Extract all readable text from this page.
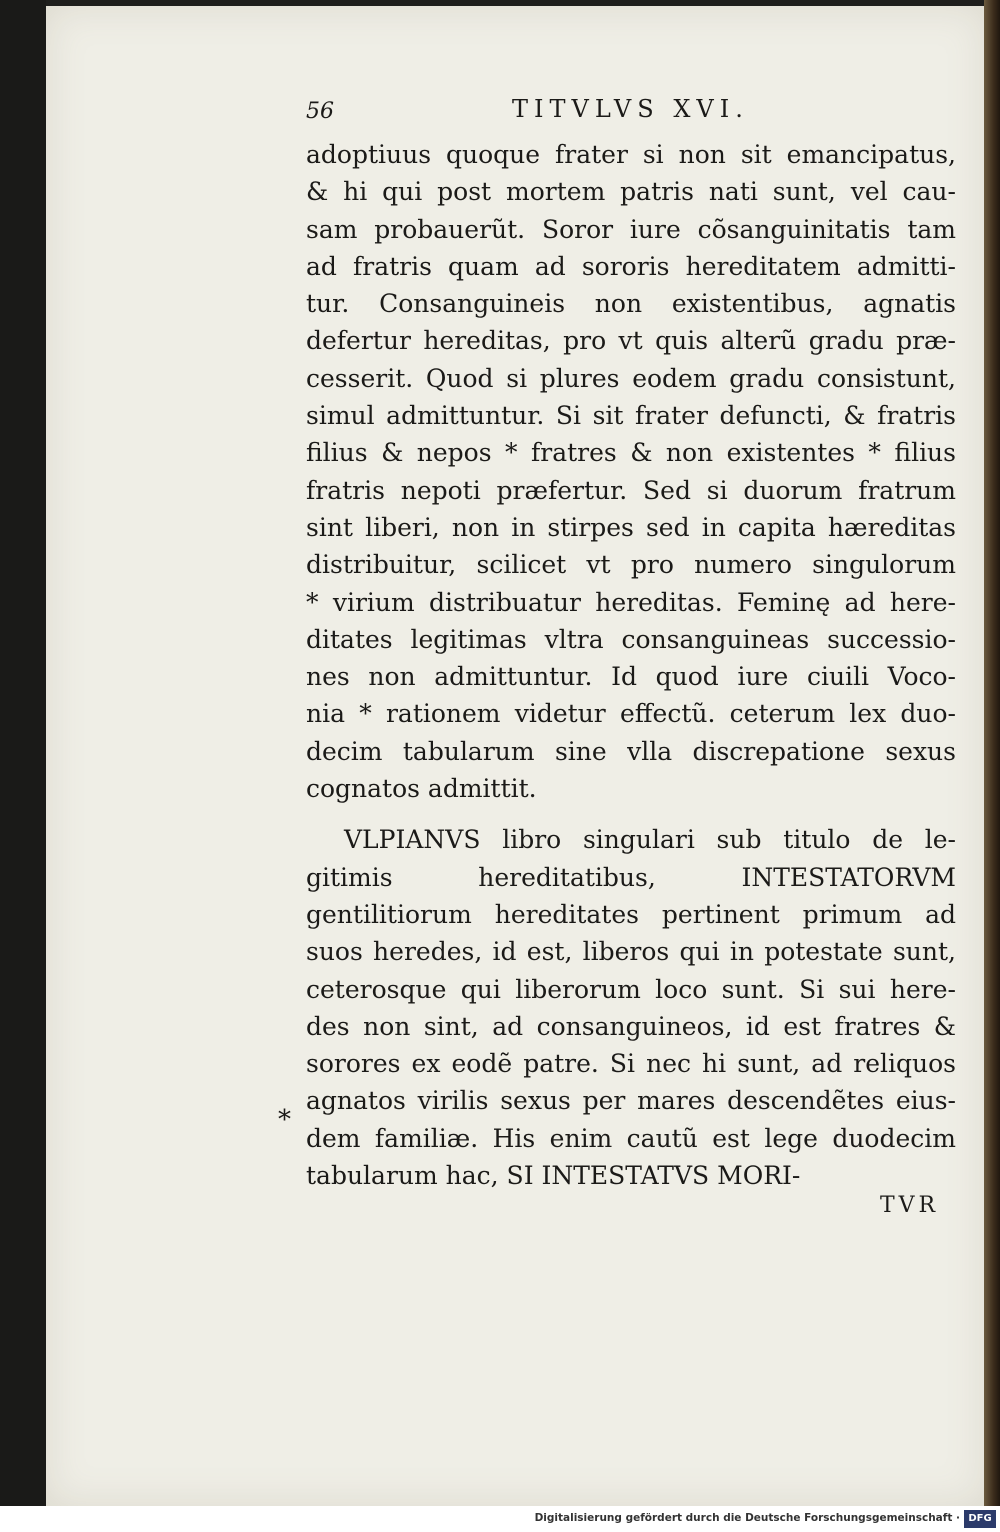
56	TITVLVS XVI.
adoptiuus quoque frater si non sit emancipatus,
& hi qui post mortem patris nati sunt, vel cau-
sam probauerũt. Soror iure cõsanguinitatis tam
ad fratris quam ad sororis hereditatem admitti-
tur. Consanguineis non existentibus, agnatis
defertur hereditas, pro vt quis alterũ gradu præ-
cesserit. Quod si plures eodem gradu consistunt,
simul admittuntur. Si sit frater defuncti, & fratris
filius & nepos * fratres & non existentes * filius
fratris nepoti præfertur. Sed si duorum fratrum
sint liberi, non in stirpes sed in capita hæreditas
distribuitur, scilicet vt pro numero singulorum
* virium distribuatur hereditas. Feminę ad here-
ditates legitimas vltra consanguineas successio-
nes non admittuntur. Id quod iure ciuili Voco-
nia * rationem videtur effectũ. ceterum lex duo-
decim tabularum sine vlla discrepatione sexus
cognatos admittit.
VLPIANVS libro singulari sub titulo de le-
gitimis hereditatibus, INTESTATORVM
gentilitiorum hereditates pertinent primum ad
suos heredes, id est, liberos qui in potestate sunt,
ceterosque qui liberorum loco sunt. Si sui here-
des non sint, ad consanguineos, id est fratres &
sorores ex eodẽ patre. Si nec hi sunt, ad reliquos
agnatos virilis sexus per mares descendẽtes eius-
dem familiæ. His enim cautũ est lege duodecim
tabularum hac, SI INTESTATVS MORI-
*
TVR
Digitalisierung gefördert durch die Deutsche Forschungsgemeinschaft · DFG
